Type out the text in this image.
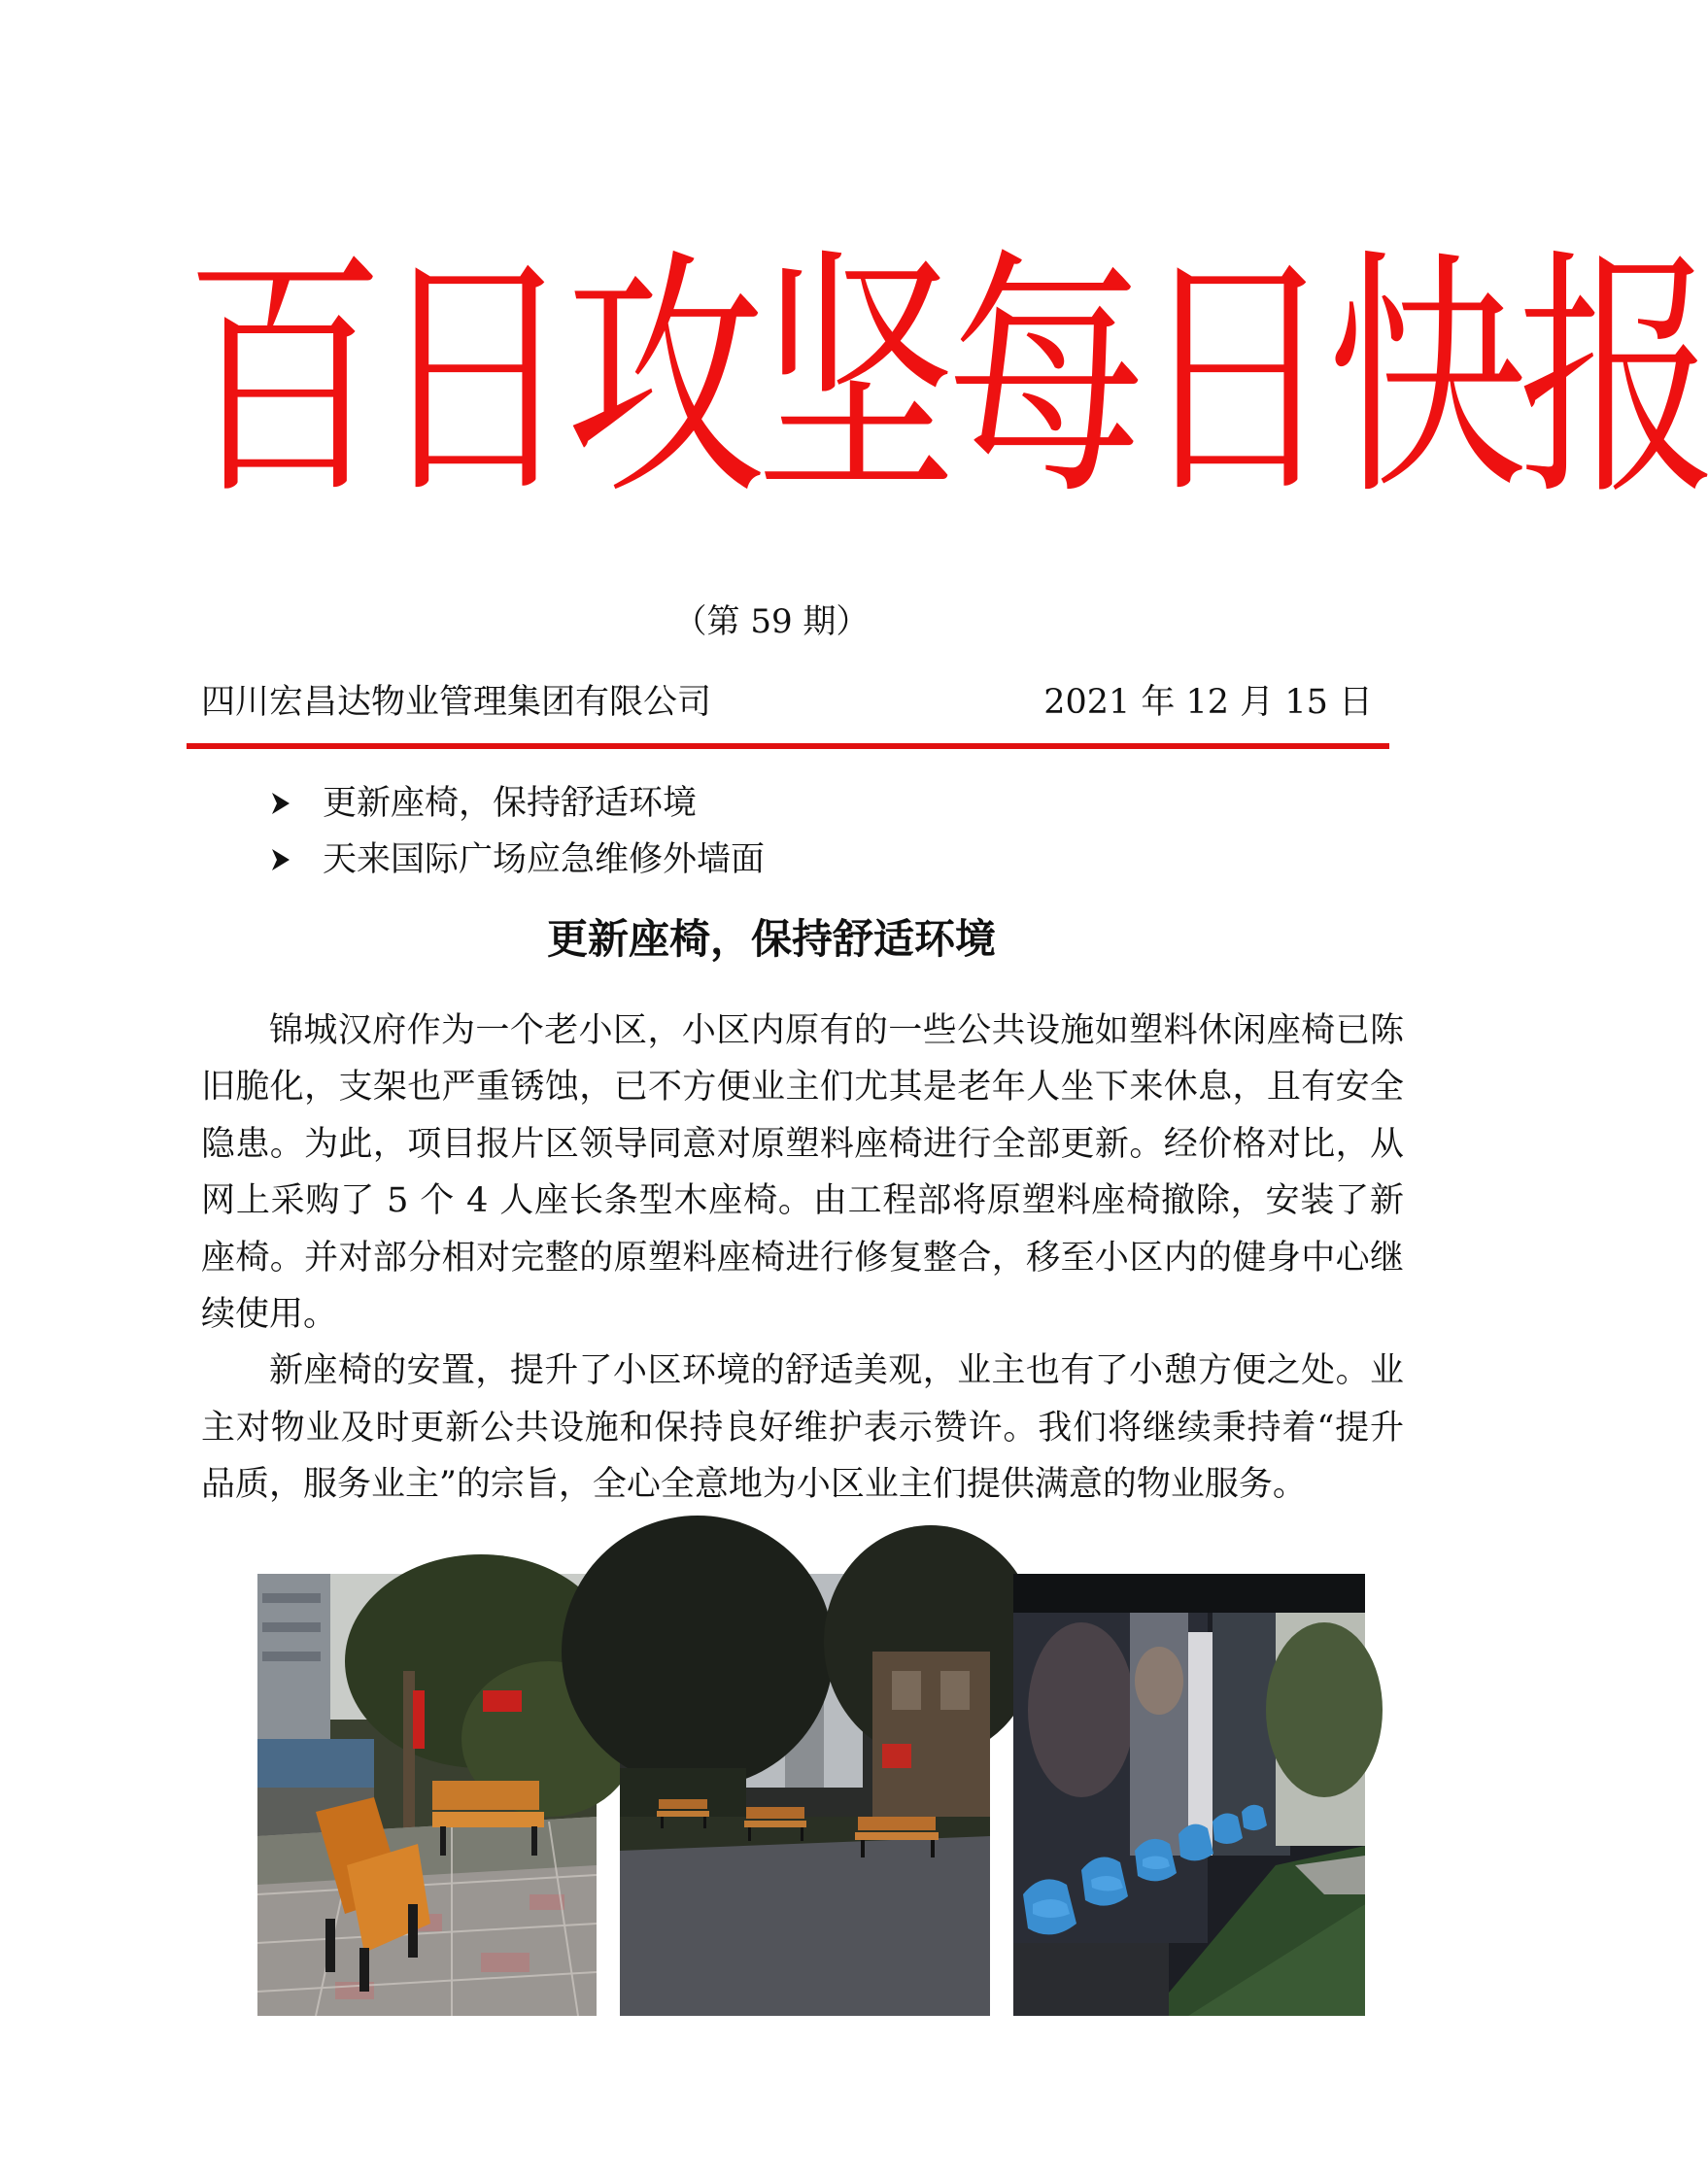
百日攻坚每日快报
（第 59 期）
四川宏昌达物业管理集团有限公司	2021 年 12 月 15 日
更新座椅，保持舒适环境
天来国际广场应急维修外墙面
更新座椅，保持舒适环境

锦城汉府作为一个老小区，小区内原有的一些公共设施如塑料休闲座椅已陈旧脆化，支架也严重锈蚀，已不方便业主们尤其是老年人坐下来休息，且有安全隐患。为此，项目报片区领导同意对原塑料座椅进行全部更新。经价格对比，从网上采购了 5 个 4 人座长条型木座椅。由工程部将原塑料座椅撤除，安装了新座椅。并对部分相对完整的原塑料座椅进行修复整合，移至小区内的健身中心继续使用。

新座椅的安置，提升了小区环境的舒适美观，业主也有了小憩方便之处。业主对物业及时更新公共设施和保持良好维护表示赞许。我们将继续秉持着“提升品质，服务业主”的宗旨，全心全意地为小区业主们提供满意的物业服务。
